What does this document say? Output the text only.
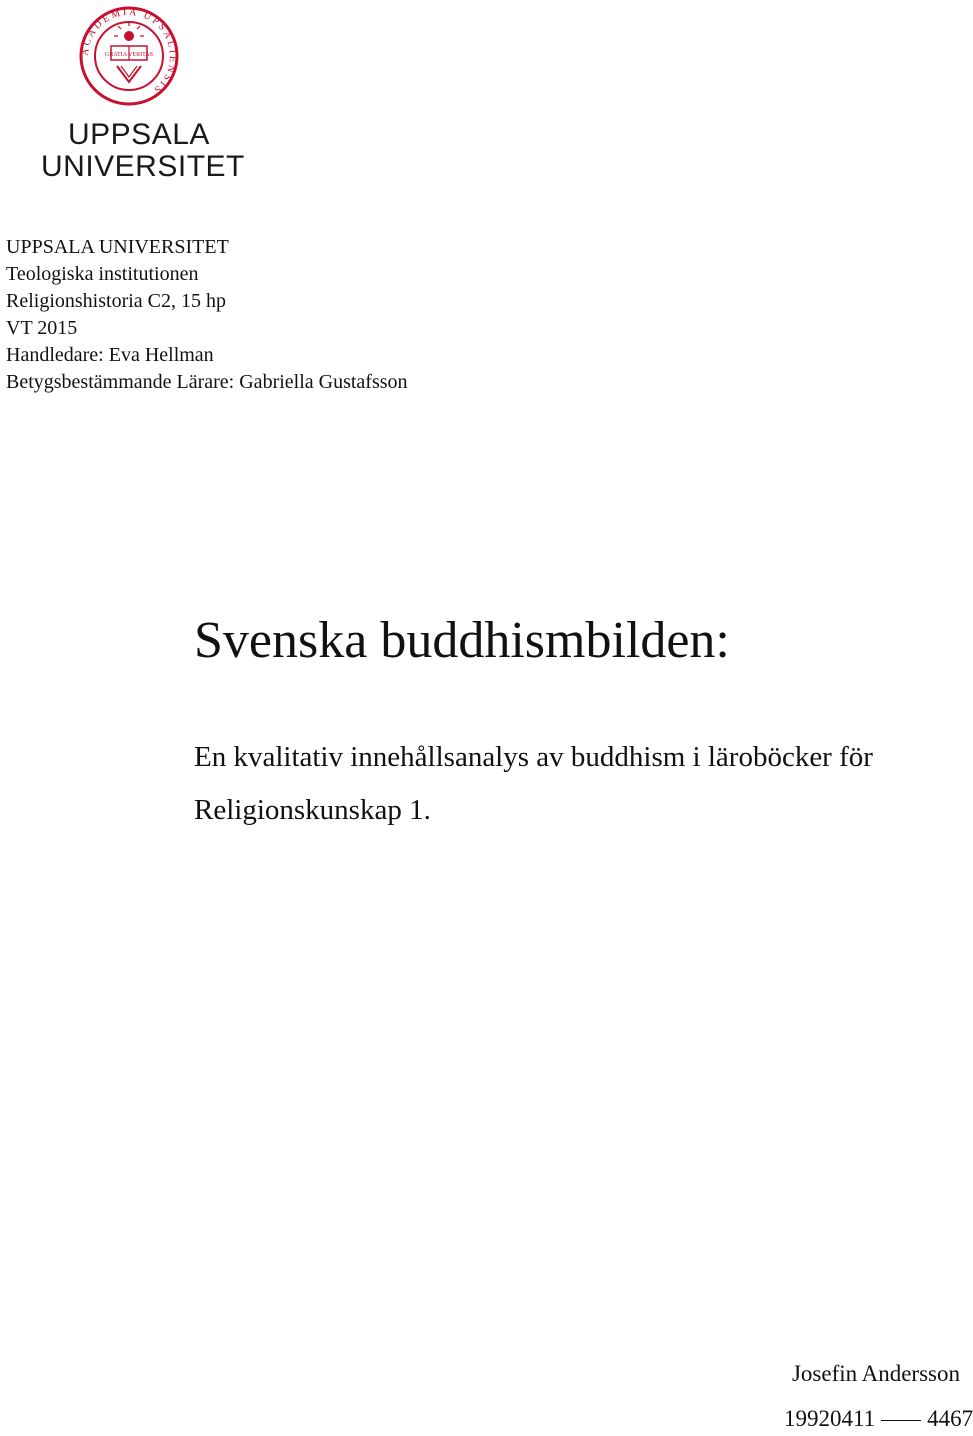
ACADEMIA UPSALIENSIS
GRATIA VERITAS
UPPSALA
UNIVERSITET
UPPSALA UNIVERSITET
Teologiska institutionen
Religionshistoria C2, 15 hp
VT 2015
Handledare: Eva Hellman
Betygsbestämmande Lärare: Gabriella Gustafsson
Svenska buddhismbilden:
En kvalitativ innehållsanalys av buddhism i läroböcker för
Religionskunskap 1.
Josefin Andersson
19920411 4467
